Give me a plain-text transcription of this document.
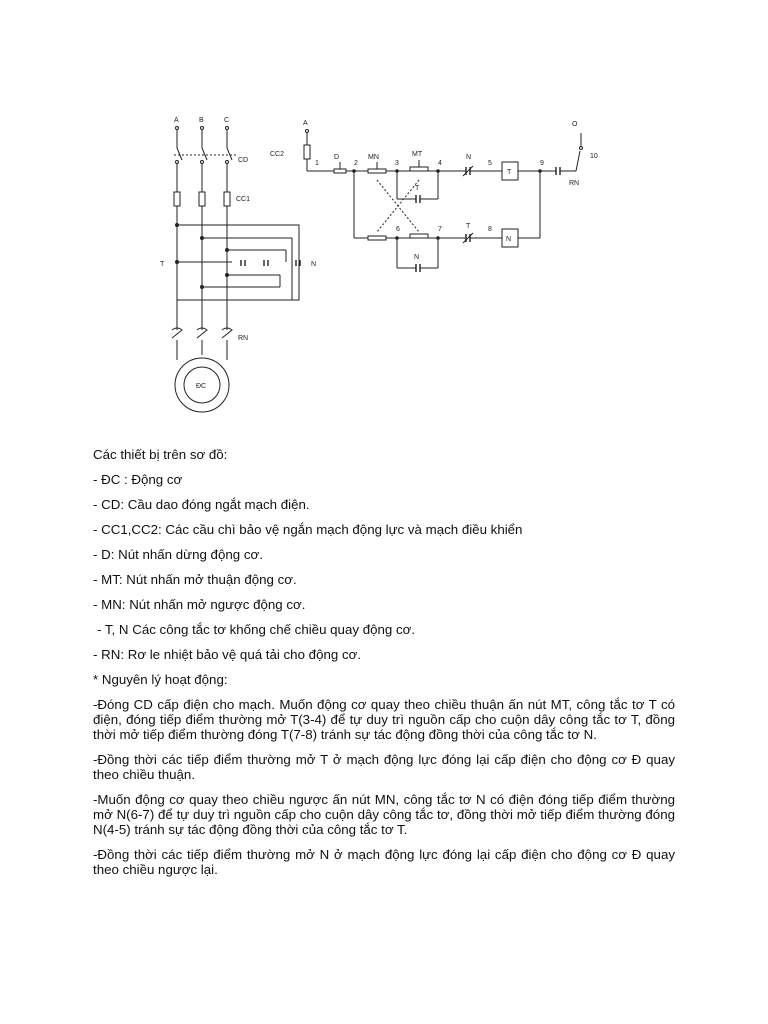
A	B	C
CD
CC1
T	N
RN
ĐC
A
CC2	D	MN	MT	N
T
RN
O
1	2	3	4	5	9
10
T
T
N
6	7	8
N

Các thiết bị trên sơ đồ:

- ĐC : Động cơ

- CD: Cầu dao đóng ngắt mạch điện.

- CC1,CC2: Các cầu chì bảo vệ ngắn mạch động lực và mạch điều khiển

- D: Nút nhấn dừng động cơ.

- MT: Nút nhấn mở thuận động cơ.

- MN: Nút nhấn mở ngược động cơ.

- T, N Các công tắc tơ khống chế chiều quay động cơ.

- RN: Rơ le nhiệt bảo vệ quá tải cho động cơ.

* Nguyên lý hoạt động:

-Đóng CD cấp điện cho mạch. Muốn động cơ quay theo chiều thuận ấn nút MT, công tắc tơ T có điện, đóng tiếp điểm thường mở T(3-4) để tự duy trì nguồn cấp cho cuộn dây công tắc tơ T, đồng thời mở tiếp điểm thường đóng T(7-8) tránh sự tác động đồng thời của công tắc tơ N.

-Đồng thời các tiếp điểm thường mở T ở mạch động lực đóng lại cấp điện cho động cơ Đ quay theo chiều thuận.

-Muốn động cơ quay theo chiều ngược ấn nút MN, công tắc tơ N có điện đóng tiếp điểm thường mở N(6-7) để tự duy trì nguồn cấp cho cuộn dây công tắc tơ, đồng thời mở tiếp điểm thường đóng N(4-5) tránh sự tác động đồng thời của công tắc tơ T.

-Đồng thời các tiếp điểm thường mở N ở mạch động lực đóng lại cấp điện cho động cơ Đ quay theo chiều ngược lại.
